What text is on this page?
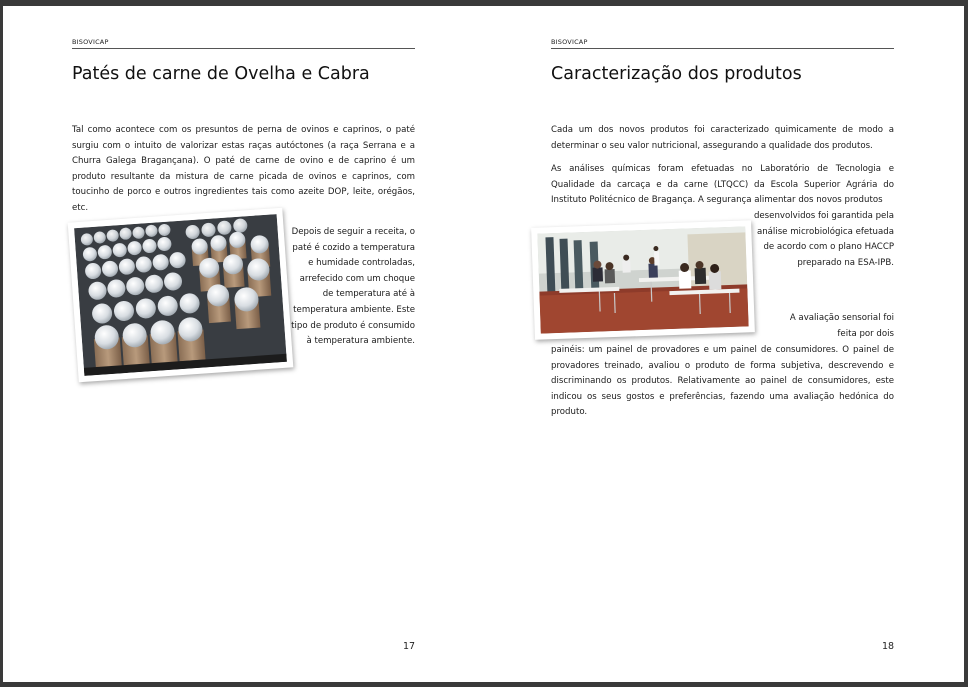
BISOVICAP
Patés de carne de Ovelha e Cabra

Tal como acontece com os presuntos de perna de ovinos e caprinos, o paté surgiu com o intuito de valorizar estas raças autóctones (a raça Serrana e a Churra Galega Bragançana). O paté de carne de ovino e de caprino é um produto resultante da mistura de carne picada de ovinos e caprinos, com toucinho de porco e outros ingredientes tais como azeite DOP, leite, orégãos, etc.

Depois de seguir a receita, o paté é cozido a temperatura e humidade controladas, arrefecido com um choque de temperatura até à temperatura ambiente. Este tipo de produto é consumido à temperatura ambiente.

17
BISOVICAP
Caracterização dos produtos

Cada um dos novos produtos foi caracterizado quimicamente de modo a determinar o seu valor nutricional, assegurando a qualidade dos produtos.

As análises químicas foram efetuadas no Laboratório de Tecnologia e Qualidade da carcaça e da carne (LTQCC) da Escola Superior Agrária do Instituto Politécnico de Bragança. A segurança alimentar dos novos produtos

desenvolvidos foi garantida pela análise microbiológica efetuada de acordo com o plano HACCP preparado na ESA-IPB.

A avaliação sensorial foi feita por dois

painéis: um painel de provadores e um painel de consumidores. O painel de provadores treinado, avaliou o produto de forma subjetiva, descrevendo e discriminando os produtos. Relativamente ao painel de consumidores, este indicou os seus gostos e preferências, fazendo uma avaliação hedónica do produto.

18
